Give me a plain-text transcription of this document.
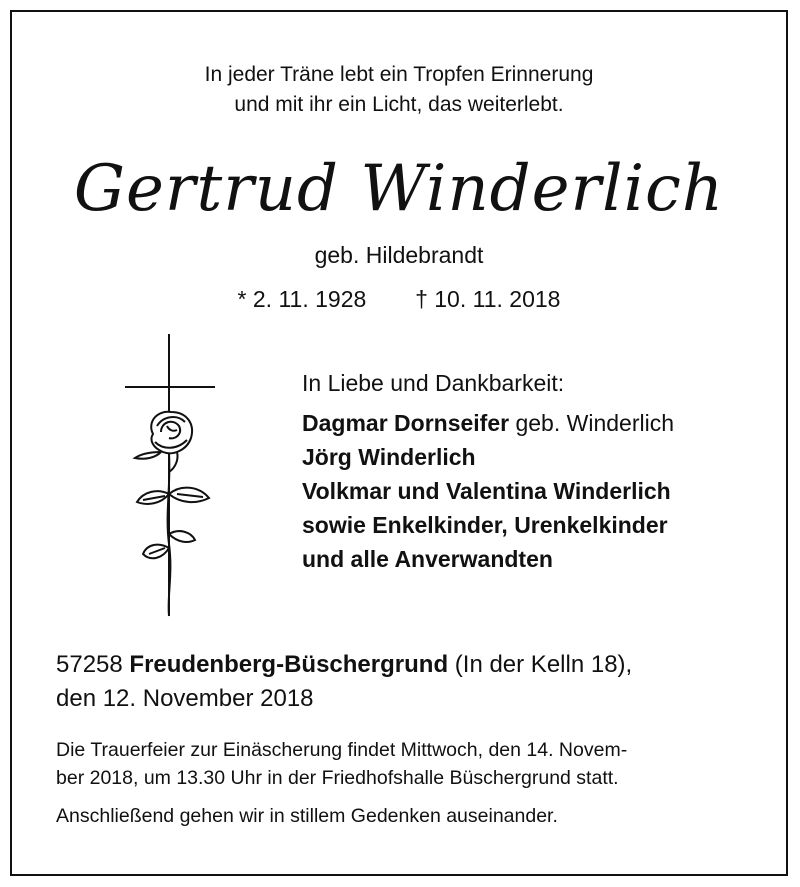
In jeder Träne lebt ein Tropfen Erinnerung
und mit ihr ein Licht, das weiterlebt.
Gertrud Winderlich
geb. Hildebrandt
* 2. 11. 1928 † 10. 11. 2018
In Liebe und Dankbarkeit:
Dagmar Dornseifer geb. Winderlich
Jörg Winderlich
Volkmar und Valentina Winderlich
sowie Enkelkinder, Urenkelkinder
und alle Anverwandten
57258 Freudenberg-Büschergrund (In der Kelln 18),
den 12. November 2018
Die Trauerfeier zur Einäscherung findet Mittwoch, den 14. Novem-
ber 2018, um 13.30 Uhr in der Friedhofshalle Büschergrund statt.
Anschließend gehen wir in stillem Gedenken auseinander.
